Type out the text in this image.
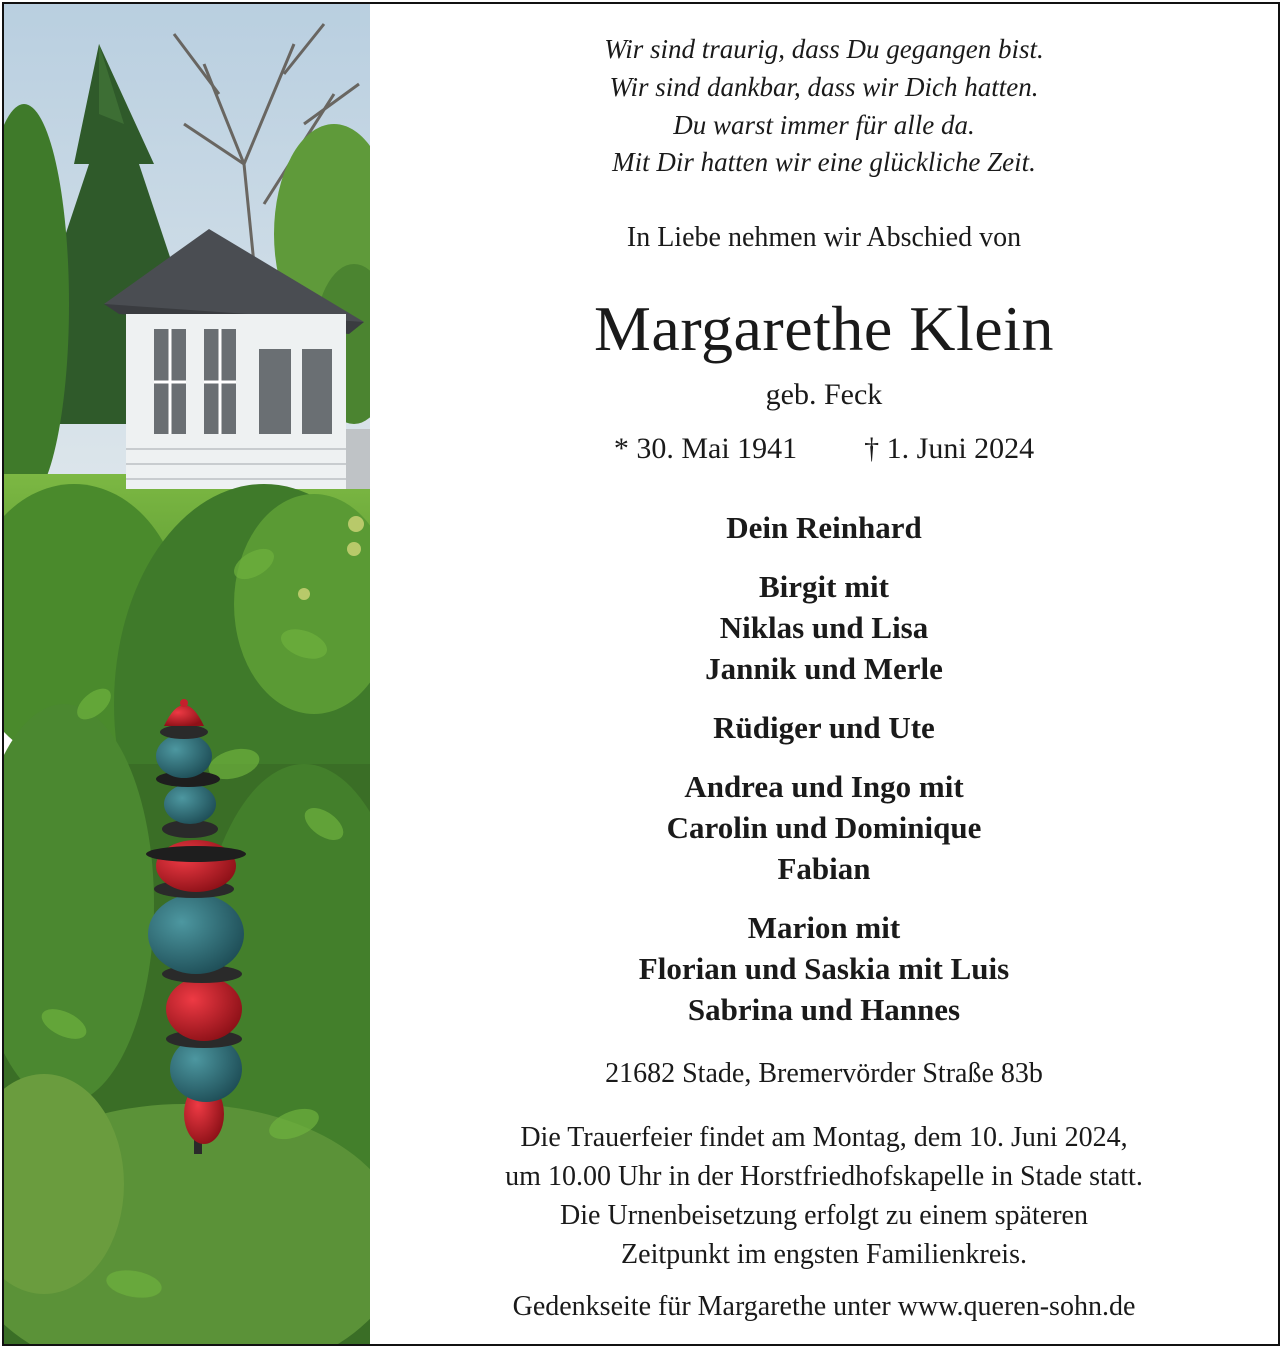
Wir sind traurig, dass Du gegangen bist.
Wir sind dankbar, dass wir Dich hatten.
Du warst immer für alle da.
Mit Dir hatten wir eine glückliche Zeit.
In Liebe nehmen wir Abschied von
Margarethe Klein
geb. Feck
* 30. Mai 1941 † 1. Juni 2024
Dein Reinhard
Birgit mit
Niklas und Lisa
Jannik und Merle
Rüdiger und Ute
Andrea und Ingo mit
Carolin und Dominique
Fabian
Marion mit
Florian und Saskia mit Luis
Sabrina und Hannes
21682 Stade, Bremervörder Straße 83b
Die Trauerfeier findet am Montag, dem 10. Juni 2024,
um 10.00 Uhr in der Horstfriedhofskapelle in Stade statt.
Die Urnenbeisetzung erfolgt zu einem späteren
Zeitpunkt im engsten Familienkreis.
Gedenkseite für Margarethe unter www.queren-sohn.de
